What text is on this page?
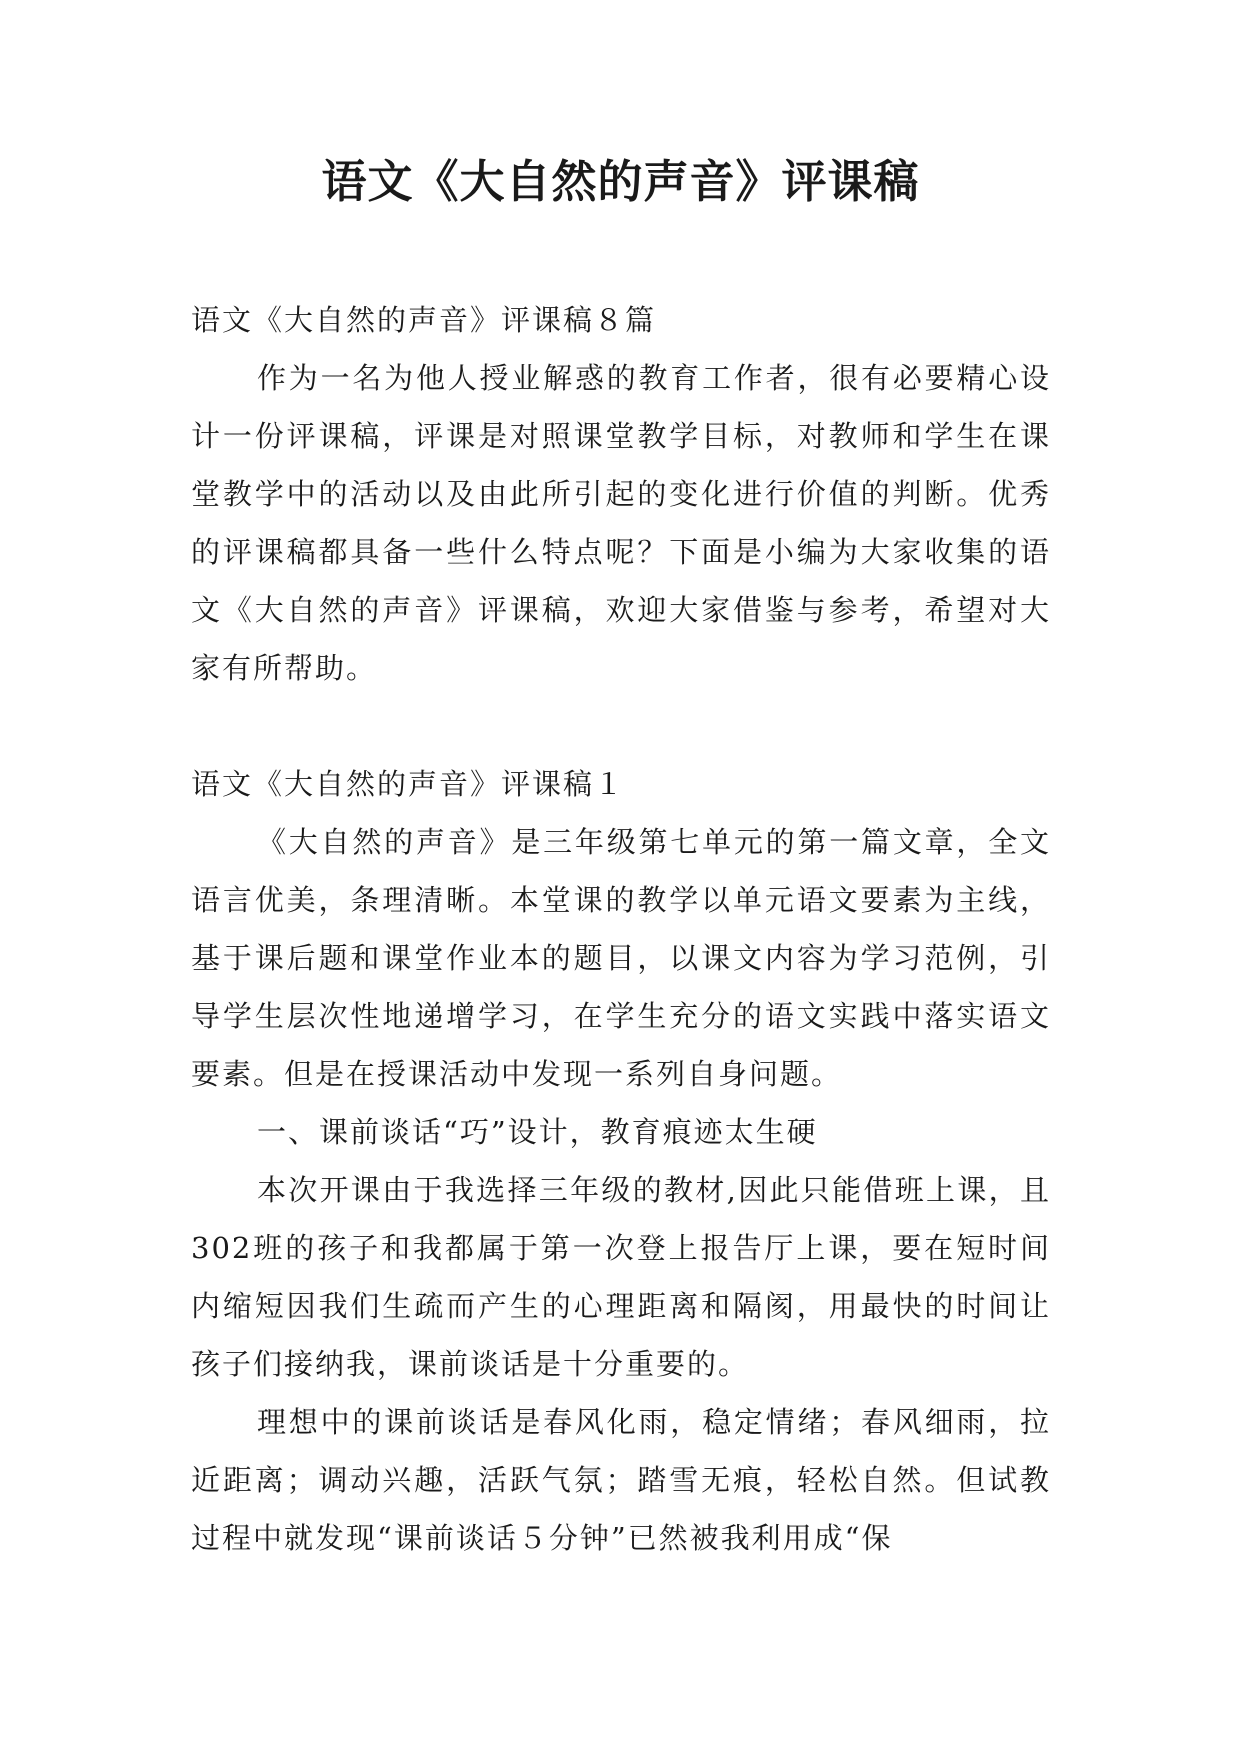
语文《大自然的声音》评课稿

语文《大自然的声音》评课稿８篇

作为一名为他人授业解惑的教育工作者，很有必要精心设计一份评课稿，评课是对照课堂教学目标，对教师和学生在课堂教学中的活动以及由此所引起的变化进行价值的判断。优秀的评课稿都具备一些什么特点呢？下面是小编为大家收集的语文《大自然的声音》评课稿，欢迎大家借鉴与参考，希望对大家有所帮助。

语文《大自然的声音》评课稿１

《大自然的声音》是三年级第七单元的第一篇文章，全文语言优美，条理清晰。本堂课的教学以单元语文要素为主线，基于课后题和课堂作业本的题目，以课文内容为学习范例，引导学生层次性地递增学习，在学生充分的语文实践中落实语文要素。但是在授课活动中发现一系列自身问题。

一、课前谈话“巧”设计，教育痕迹太生硬

本次开课由于我选择三年级的教材,因此只能借班上课，且302班的孩子和我都属于第一次登上报告厅上课，要在短时间内缩短因我们生疏而产生的心理距离和隔阂，用最快的时间让孩子们接纳我，课前谈话是十分重要的。

理想中的课前谈话是春风化雨，稳定情绪；春风细雨，拉近距离；调动兴趣，活跃气氛；踏雪无痕，轻松自然。但试教过程中就发现“课前谈话５分钟”已然被我利用成“保
